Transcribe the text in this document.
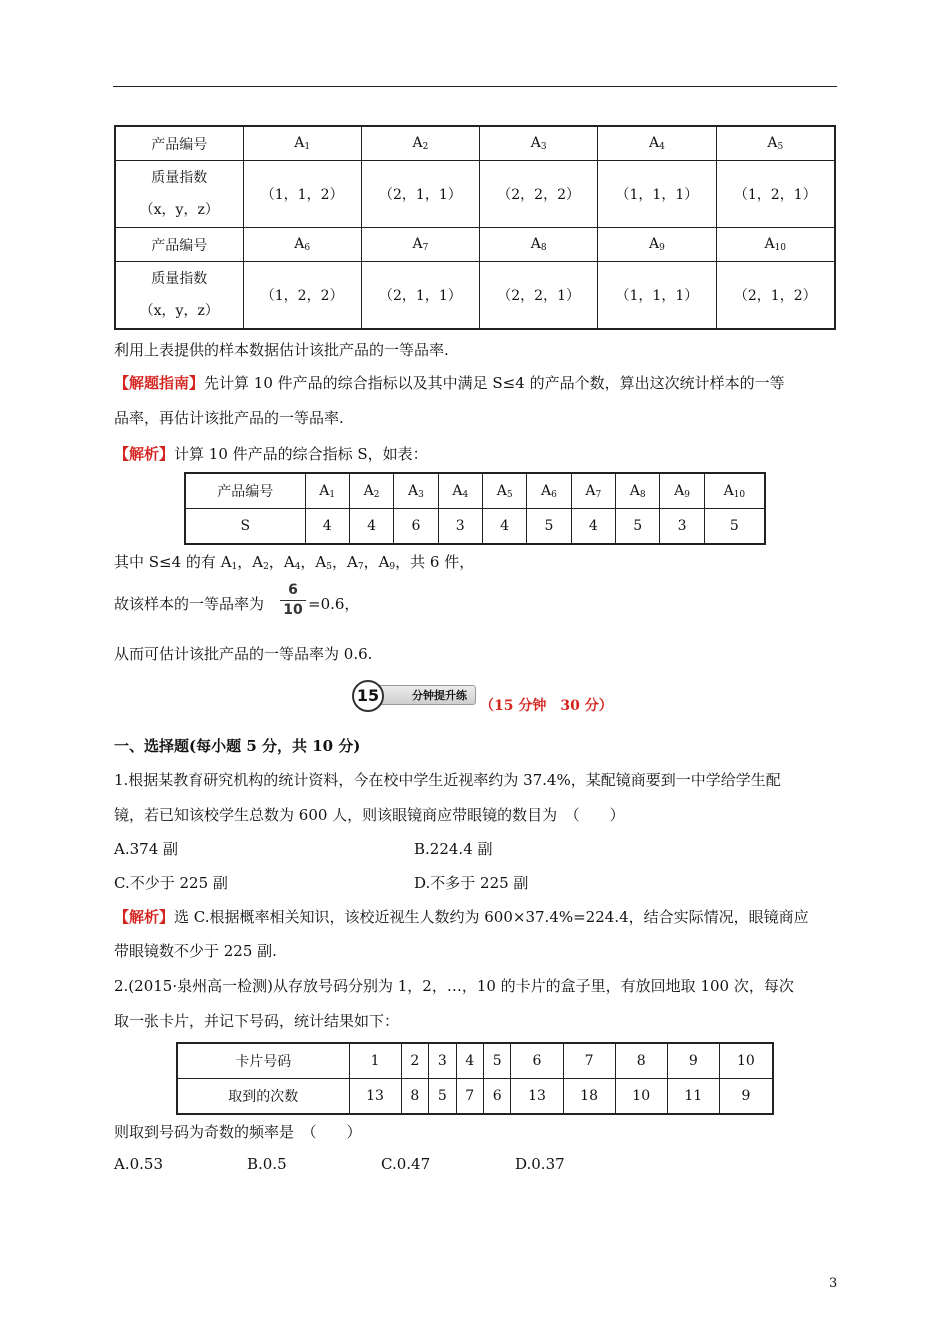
产品编号	$A_1$	$A_2$	$A_3$	$A_4$	$A_5$
质量指数
（x，y，z）	（1，1，2）	（2，1，1）	（2，2，2）	（1，1，1）	（1，2，1）
产品编号	$A_6$	$A_7$	$A_8$	$A_9$	$A_{10}$
质量指数
（x，y，z）	（1，2，2）	（2，1，1）	（2，2，1）	（1，1，1）	（2，1，2）
利用上表提供的样本数据估计该批产品的一等品率.
【解题指南】先计算 10 件产品的综合指标以及其中满足 S≤4 的产品个数，算出这次统计样本的一等
品率，再估计该批产品的一等品率.
【解析】计算 10 件产品的综合指标 S，如表：
产品编号	$A_1$	$A_2$	$A_3$	$A_4$	$A_5$	$A_6$	$A_7$	$A_8$	$A_9$	$A_{10}$
S	4	4	6	3	4	5	4	5	3	5
其中 S≤4 的有 $A_1$，$A_2$，$A_4$，$A_5$，$A_7$，$A_9$，共 6 件，
故该样本的一等品率为
6
10 =0.6，
从而可估计该批产品的一等品率为 0.6.
分钟提升练
15
（15 分钟　30 分）
一、选择题(每小题 5 分，共 10 分)
1.根据某教育研究机构的统计资料，今在校中学生近视率约为 37.4%，某配镜商要到一中学给学生配
镜，若已知该校学生总数为 600 人，则该眼镜商应带眼镜的数目为　（　　）
A.374 副	B.224.4 副
C.不少于 225 副	D.不多于 225 副
【解析】选 C.根据概率相关知识，该校近视生人数约为 600×37.4%=224.4，结合实际情况，眼镜商应
带眼镜数不少于 225 副.
2.(2015·泉州高一检测)从存放号码分别为 1，2，…，10 的卡片的盒子里，有放回地取 100 次，每次
取一张卡片，并记下号码，统计结果如下：
卡片号码	1	2	3	4	5	6	7	8	9	10
取到的次数	13	8	5	7	6	13	18	10	11	9
则取到号码为奇数的频率是　（　　）
A.0.53	B.0.5	C.0.47	D.0.37
3
